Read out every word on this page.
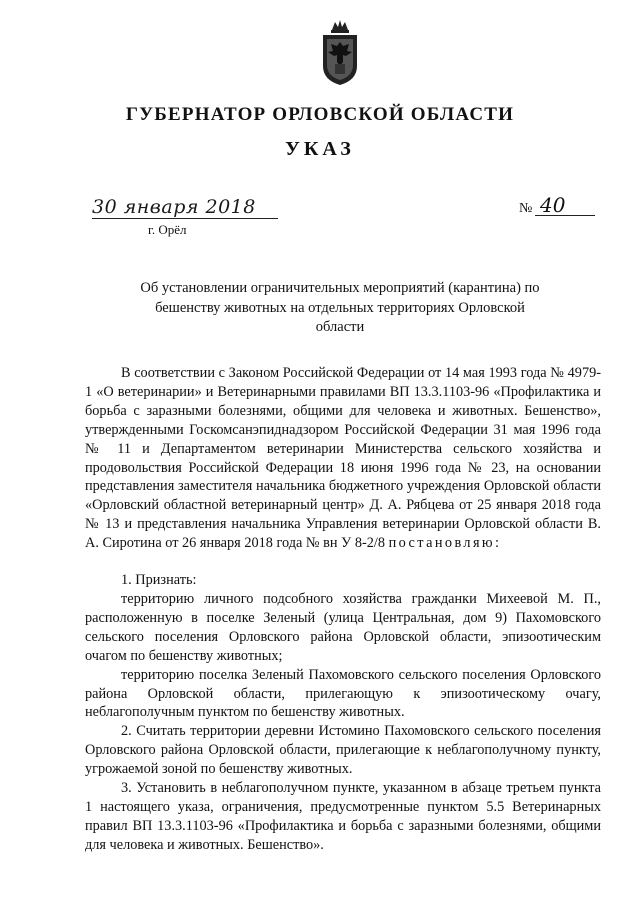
ГУБЕРНАТОР ОРЛОВСКОЙ ОБЛАСТИ
УКАЗ
30 января 2018
г. Орёл
№ 40
Об установлении ограничительных мероприятий (карантина) по бешенству животных на отдельных территориях Орловской области

В соответствии с Законом Российской Федерации от 14 мая 1993 года № 4979-1 «О ветеринарии» и Ветеринарными правилами ВП 13.3.1103-96 «Профилактика и борьба с заразными болезнями, общими для человека и животных. Бешенство», утвержденными Госкомсанэпиднадзором Российской Федерации 31 мая 1996 года № 11 и Департаментом ветеринарии Министерства сельского хозяйства и продовольствия Российской Федерации 18 июня 1996 года № 23, на основании представления заместителя начальника бюджетного учреждения Орловской области «Орловский областной ветеринарный центр» Д. А. Рябцева от 25 января 2018 года № 13 и представления начальника Управления ветеринарии Орловской области В. А. Сиротина от 26 января 2018 года № вн У 8-2/8 постановляю:

1. Признать:

территорию личного подсобного хозяйства гражданки Михеевой М. П., расположенную в поселке Зеленый (улица Центральная, дом 9) Пахомовского сельского поселения Орловского района Орловской области, эпизоотическим очагом по бешенству животных;

территорию поселка Зеленый Пахомовского сельского поселения Орловского района Орловской области, прилегающую к эпизоотическому очагу, неблагополучным пунктом по бешенству животных.

2. Считать территории деревни Истомино Пахомовского сельского поселения Орловского района Орловской области, прилегающие к неблагополучному пункту, угрожаемой зоной по бешенству животных.

3. Установить в неблагополучном пункте, указанном в абзаце третьем пункта 1 настоящего указа, ограничения, предусмотренные пунктом 5.5 Ветеринарных правил ВП 13.3.1103-96 «Профилактика и борьба с заразными болезнями, общими для человека и животных. Бешенство».
